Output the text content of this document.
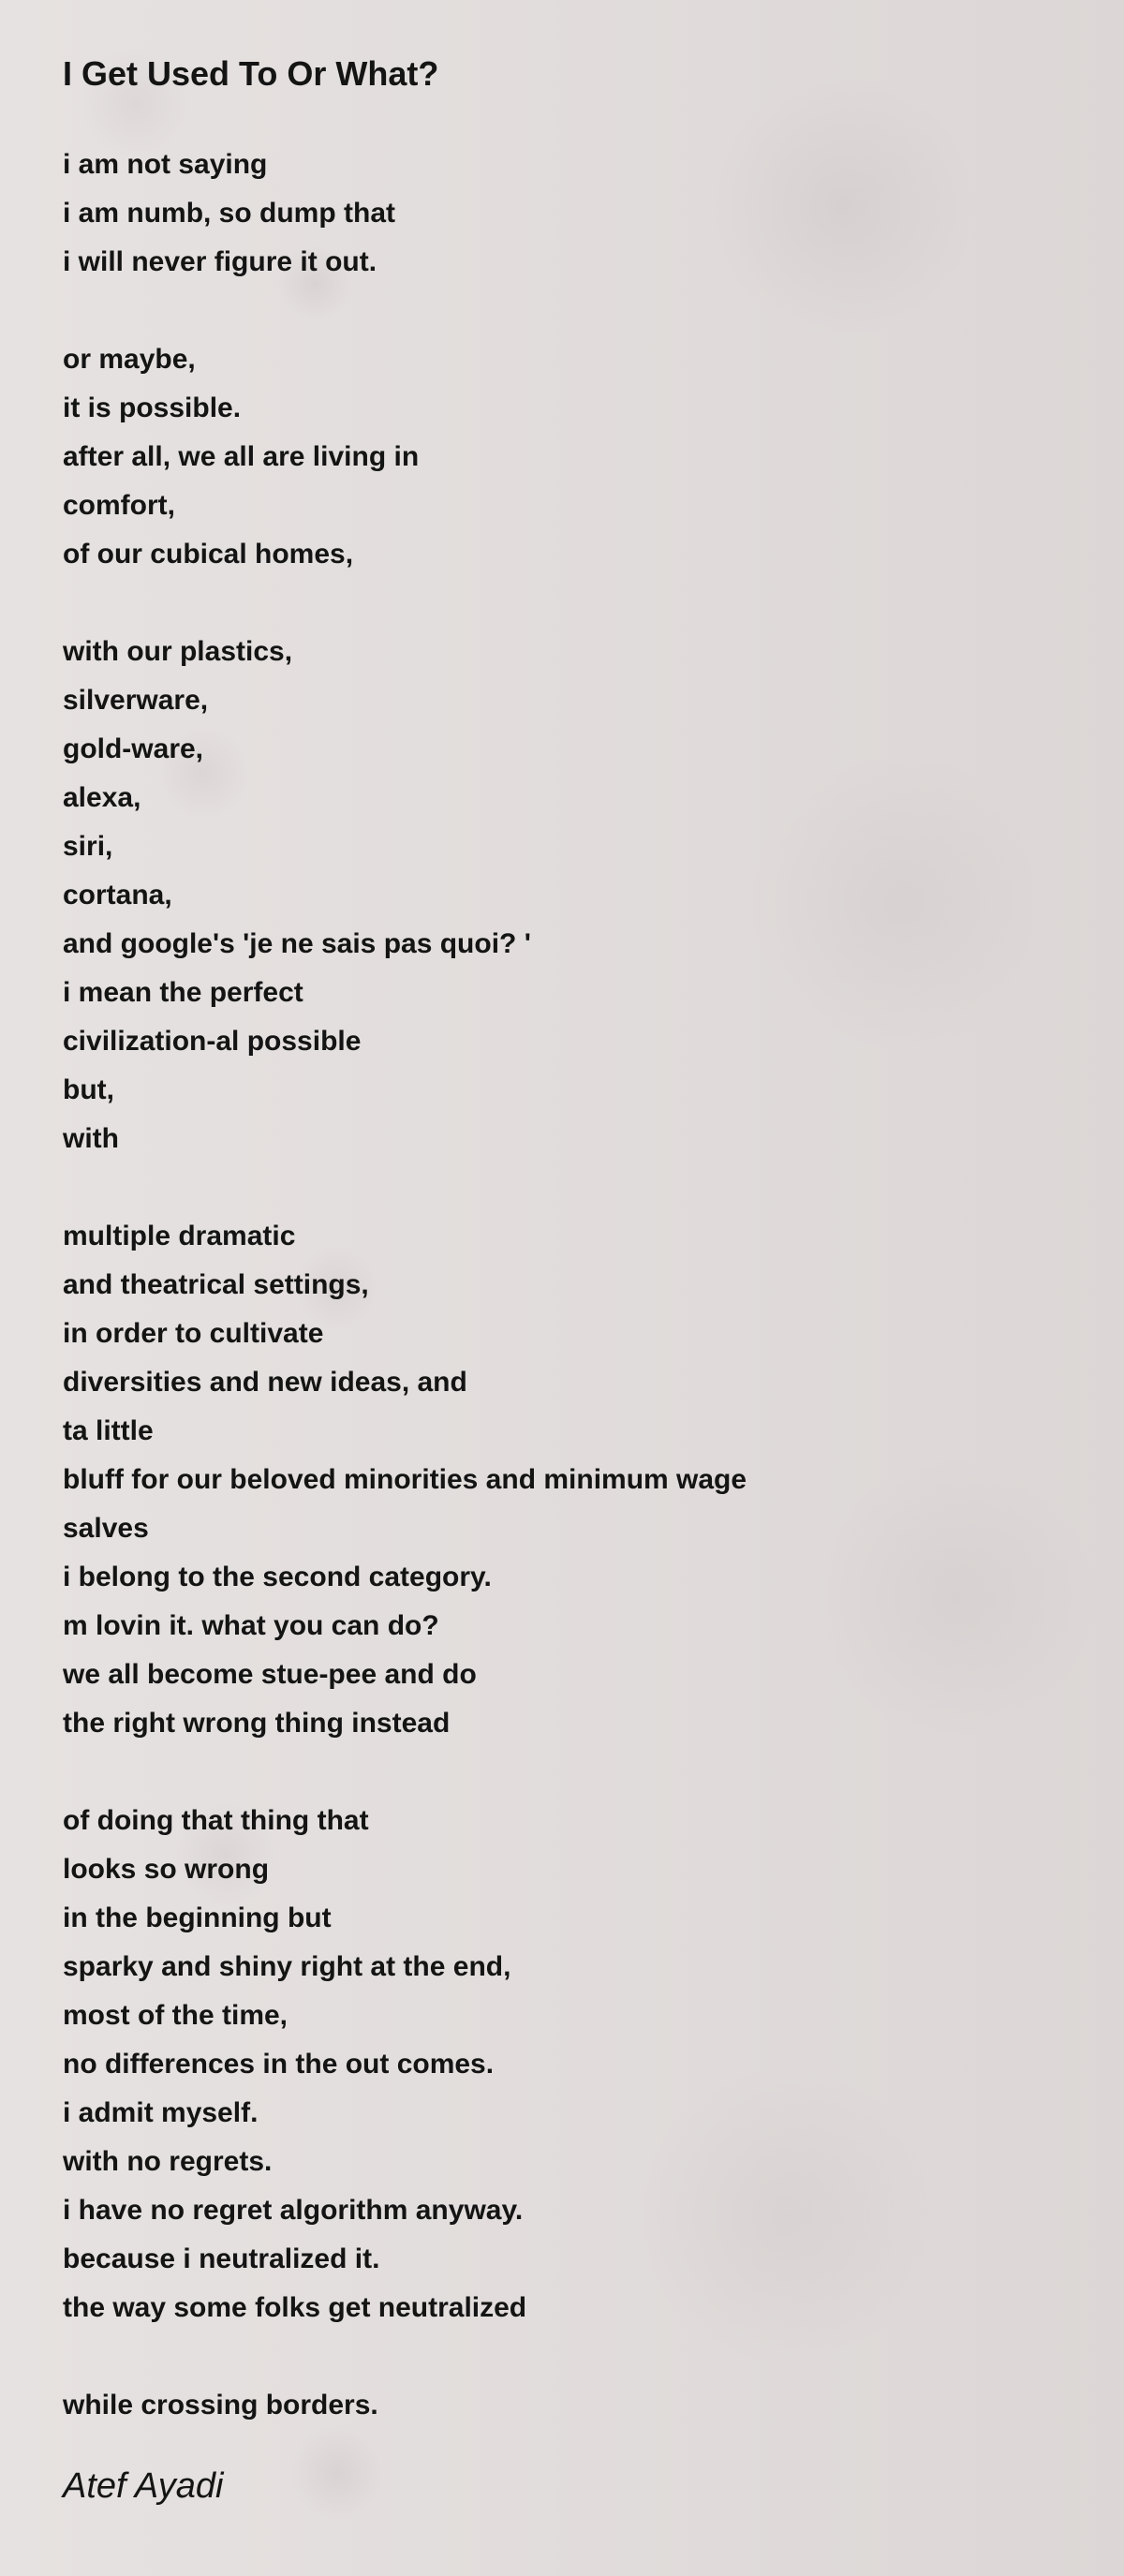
I Get Used To Or What?
i am not saying
i am numb, so dump that
i will never figure it out.
or maybe,
it is possible.
after all, we all are living in
comfort,
of our cubical homes,
with our plastics,
silverware,
gold-ware,
alexa,
siri,
cortana,
and google's 'je ne sais pas quoi? '
i mean the perfect
civilization-al possible
but,
with
multiple dramatic
and theatrical settings,
in order to cultivate
diversities and new ideas, and
ta little
bluff for our beloved minorities and minimum wage
salves
i belong to the second category.
m lovin it. what you can do?
we all become stue-pee and do
the right wrong thing instead
of doing that thing that
looks so wrong
in the beginning but
sparky and shiny right at the end,
most of the time,
no differences in the out comes.
i admit myself.
with no regrets.
i have no regret algorithm anyway.
because i neutralized it.
the way some folks get neutralized
while crossing borders.
Atef Ayadi
